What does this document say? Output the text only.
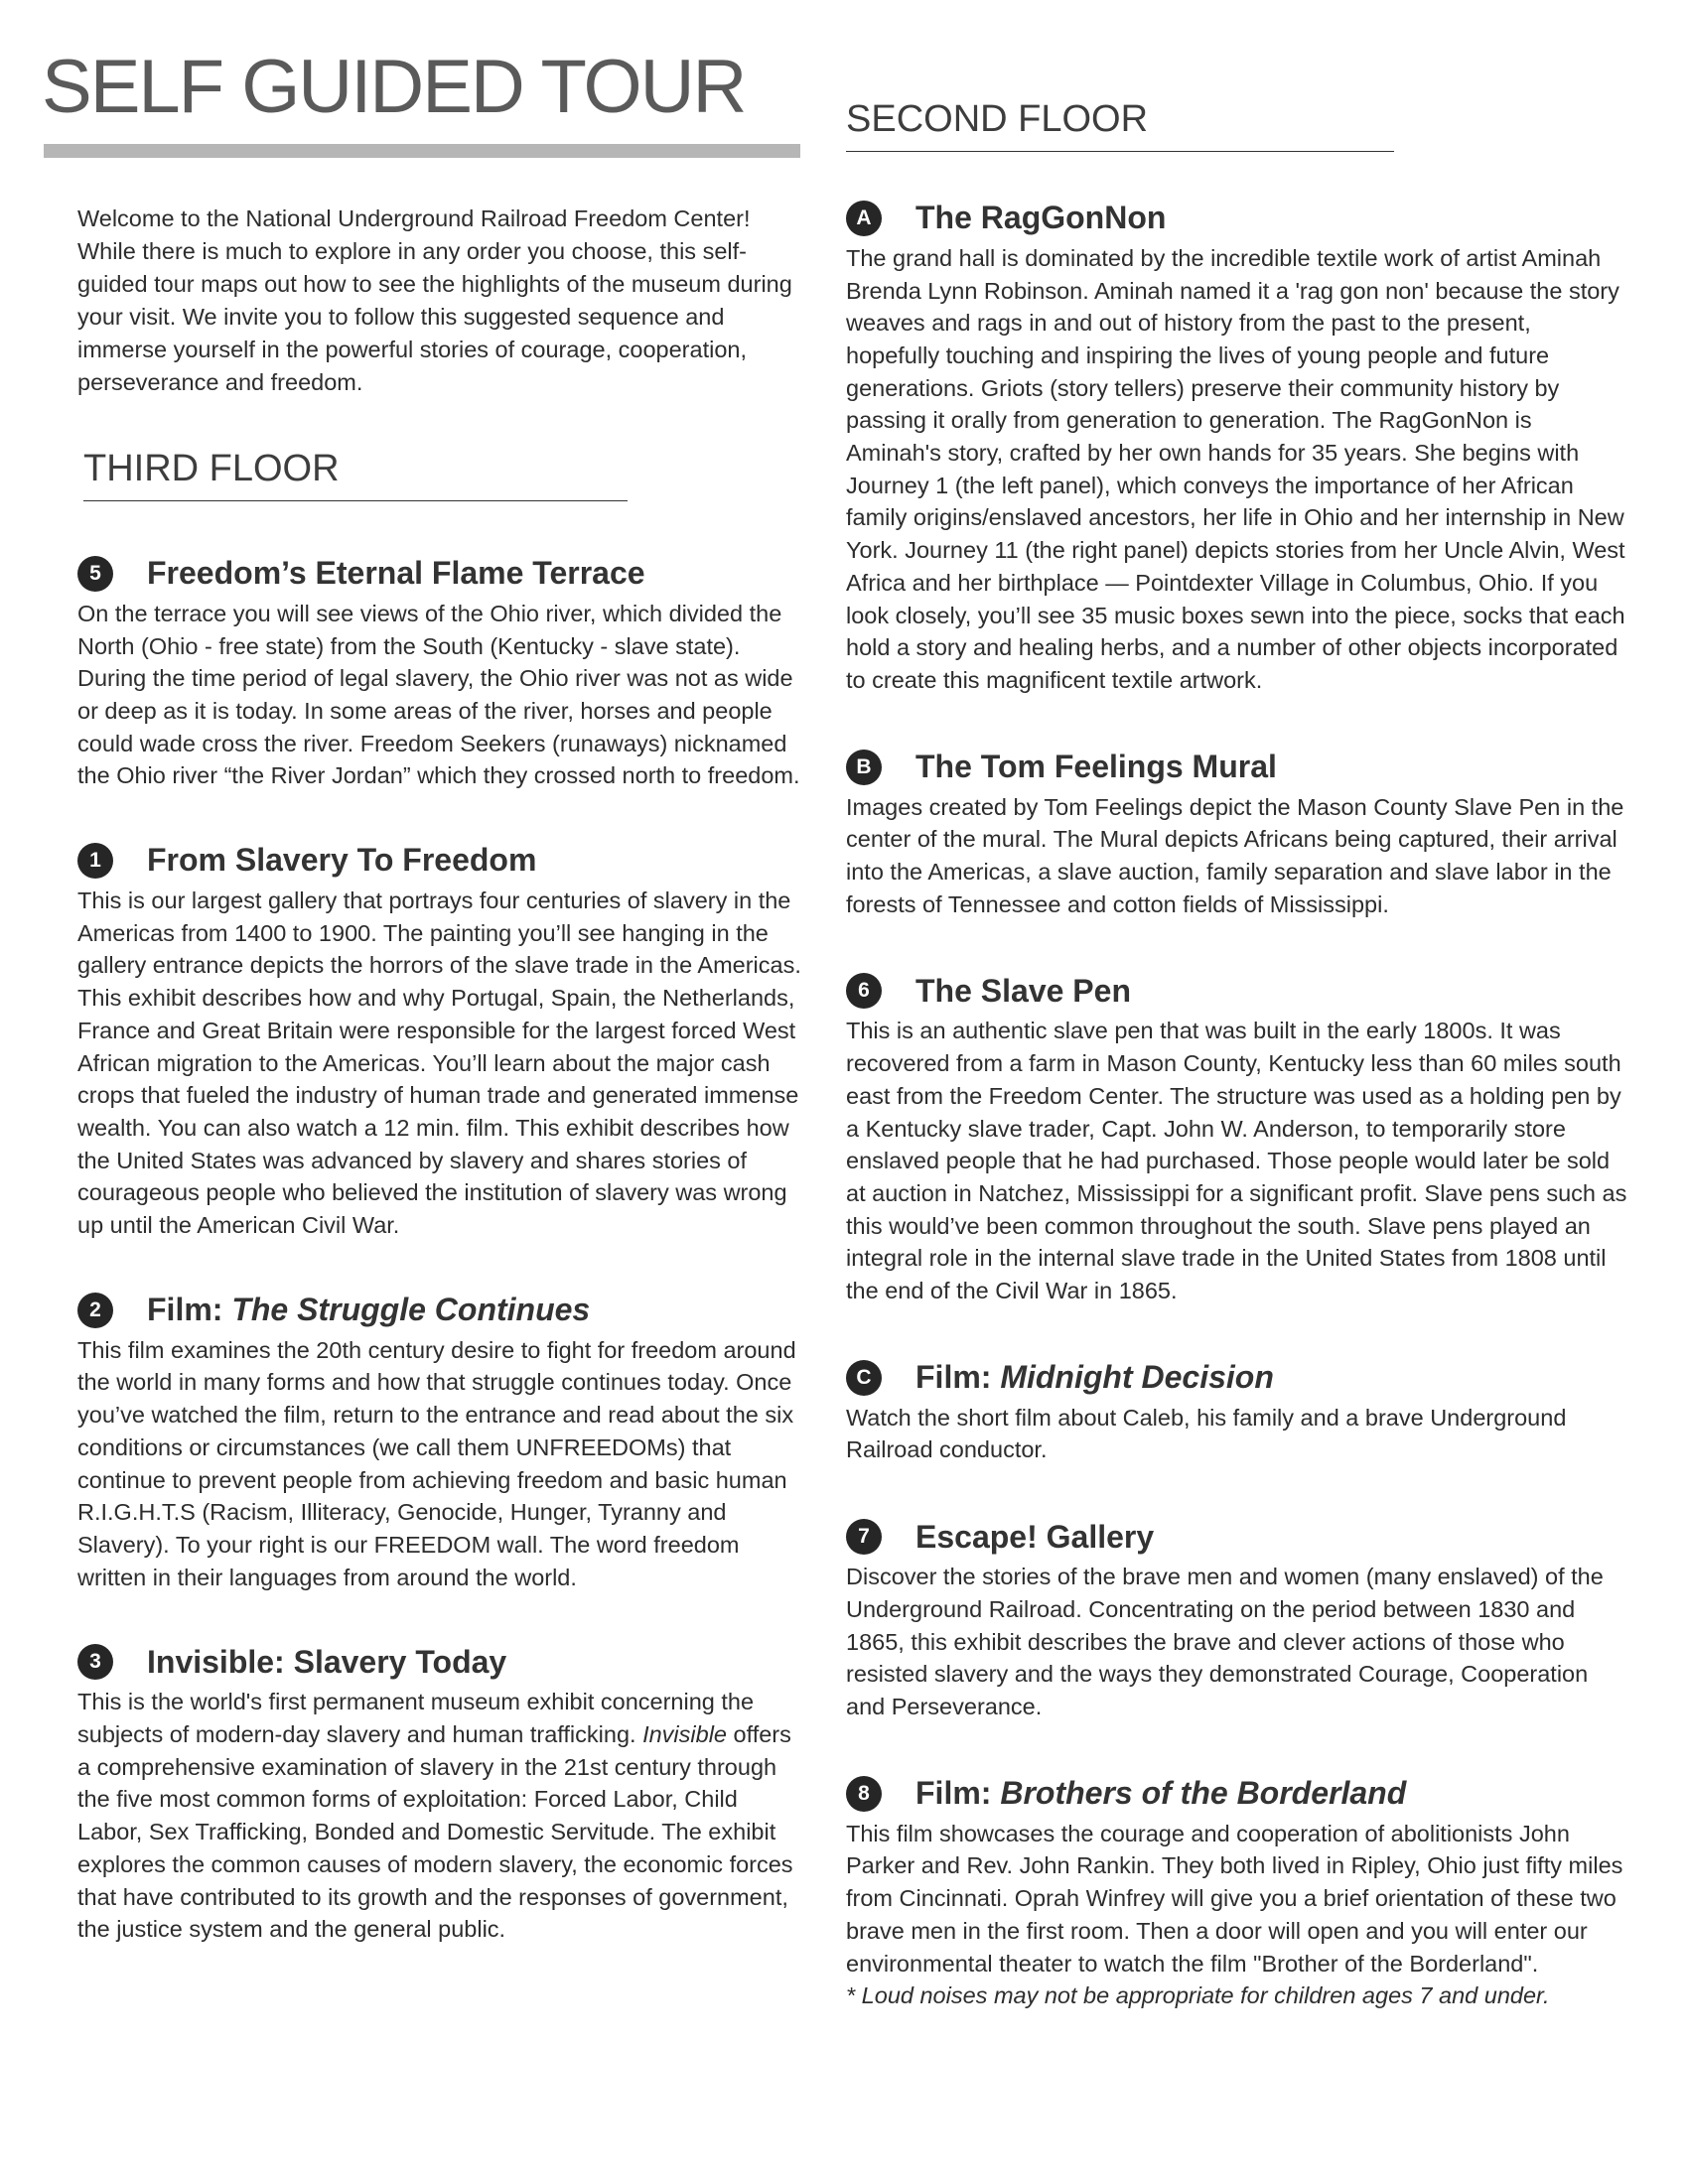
SELF GUIDED TOUR

Welcome to the National Underground Railroad Freedom Center! While there is much to explore in any order you choose, this self-guided tour maps out how to see the highlights of the museum during your visit. We invite you to follow this suggested sequence and immerse yourself in the powerful stories of courage, cooperation, perseverance and freedom.

THIRD FLOOR
5	Freedom’s Eternal Flame Terrace

On the terrace you will see views of the Ohio river, which divided the North (Ohio - free state) from the South (Kentucky - slave state). During the time period of legal slavery, the Ohio river was not as wide or deep as it is today. In some areas of the river, horses and people could wade cross the river. Freedom Seekers (runaways) nicknamed the Ohio river “the River Jordan” which they crossed north to freedom.

1	From Slavery To Freedom

This is our largest gallery that portrays four centuries of slavery in the Americas from 1400 to 1900. The painting you’ll see hanging in the gallery entrance depicts the horrors of the slave trade in the Americas. This exhibit describes how and why Portugal, Spain, the Netherlands, France and Great Britain were responsible for the largest forced West African migration to the Americas. You’ll learn about the major cash crops that fueled the industry of human trade and generated immense wealth. You can also watch a 12 min. film. This exhibit describes how the United States was advanced by slavery and shares stories of courageous people who believed the institution of slavery was wrong up until the American Civil War.

2	Film: The Struggle Continues

This film examines the 20th century desire to fight for freedom around the world in many forms and how that struggle continues today. Once you’ve watched the film, return to the entrance and read about the six conditions or circumstances (we call them UNFREEDOMs) that continue to prevent people from achieving freedom and basic human R.I.G.H.T.S (Racism, Illiteracy, Genocide, Hunger, Tyranny and Slavery). To your right is our FREEDOM wall. The word freedom written in their languages from around the world.

3	Invisible: Slavery Today

This is the world's first permanent museum exhibit concerning the subjects of modern-day slavery and human trafficking. Invisible offers a comprehensive examination of slavery in the 21st century through the five most common forms of exploitation: Forced Labor, Child Labor, Sex Trafficking, Bonded and Domestic Servitude. The exhibit explores the common causes of modern slavery, the economic forces that have contributed to its growth and the responses of government, the justice system and the general public.

SECOND FLOOR
A	The RagGonNon

The grand hall is dominated by the incredible textile work of artist Aminah Brenda Lynn Robinson. Aminah named it a 'rag gon non' because the story weaves and rags in and out of history from the past to the present, hopefully touching and inspiring the lives of young people and future generations. Griots (story tellers) preserve their community history by passing it orally from generation to generation. The RagGonNon is Aminah's story, crafted by her own hands for 35 years. She begins with Journey 1 (the left panel), which conveys the importance of her African family origins/enslaved ancestors, her life in Ohio and her internship in New York. Journey 11 (the right panel) depicts stories from her Uncle Alvin, West Africa and her birthplace — Pointdexter Village in Columbus, Ohio. If you look closely, you’ll see 35 music boxes sewn into the piece, socks that each hold a story and healing herbs, and a number of other objects incorporated to create this magnificent textile artwork.

B	The Tom Feelings Mural

Images created by Tom Feelings depict the Mason County Slave Pen in the center of the mural. The Mural depicts Africans being captured, their arrival into the Americas, a slave auction, family separation and slave labor in the forests of Tennessee and cotton fields of Mississippi.

6	The Slave Pen

This is an authentic slave pen that was built in the early 1800s. It was recovered from a farm in Mason County, Kentucky less than 60 miles south east from the Freedom Center. The structure was used as a holding pen by a Kentucky slave trader, Capt. John W. Anderson, to temporarily store enslaved people that he had purchased. Those people would later be sold at auction in Natchez, Mississippi for a significant profit. Slave pens such as this would’ve been common throughout the south. Slave pens played an integral role in the internal slave trade in the United States from 1808 until the end of the Civil War in 1865.

C	Film: Midnight Decision

Watch the short film about Caleb, his family and a brave Underground Railroad conductor.

7	Escape! Gallery

Discover the stories of the brave men and women (many enslaved) of the Underground Railroad. Concentrating on the period between 1830 and 1865, this exhibit describes the brave and clever actions of those who resisted slavery and the ways they demonstrated Courage, Cooperation and Perseverance.

8	Film: Brothers of the Borderland

This film showcases the courage and cooperation of abolitionists John Parker and Rev. John Rankin. They both lived in Ripley, Ohio just fifty miles from Cincinnati. Oprah Winfrey will give you a brief orientation of these two brave men in the first room. Then a door will open and you will enter our environmental theater to watch the film "Brother of the Borderland".
* Loud noises may not be appropriate for children ages 7 and under.
